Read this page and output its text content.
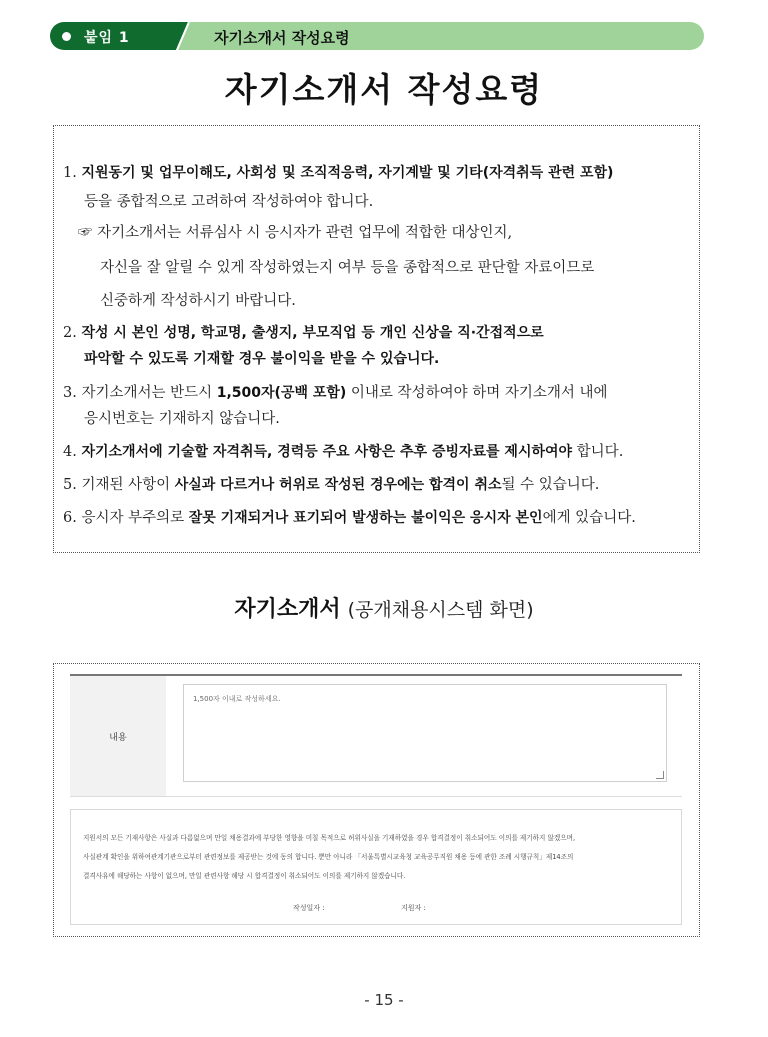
붙임 1	자기소개서 작성요령
자기소개서 작성요령
1. 지원동기 및 업무이해도, 사회성 및 조직적응력, 자기계발 및 기타(자격취득 관련 포함)
등을 종합적으로 고려하여 작성하여야 합니다.
☞ 자기소개서는 서류심사 시 응시자가 관련 업무에 적합한 대상인지,
자신을 잘 알릴 수 있게 작성하였는지 여부 등을 종합적으로 판단할 자료이므로
신중하게 작성하시기 바랍니다.
2. 작성 시 본인 성명, 학교명, 출생지, 부모직업 등 개인 신상을 직·간접적으로
파악할 수 있도록 기재할 경우 불이익을 받을 수 있습니다.
3. 자기소개서는 반드시 1,500자(공백 포함) 이내로 작성하여야 하며 자기소개서 내에
응시번호는 기재하지 않습니다.
4. 자기소개서에 기술할 자격취득, 경력등 주요 사항은 추후 증빙자료를 제시하여야 합니다.
5. 기재된 사항이 사실과 다르거나 허위로 작성된 경우에는 합격이 취소될 수 있습니다.
6. 응시자 부주의로 잘못 기재되거나 표기되어 발생하는 불이익은 응시자 본인에게 있습니다.
자기소개서 (공개채용시스템 화면)
내용
1,500자 이내로 작성하세요.
지원서의 모든 기재사항은 사실과 다름없으며 만일 채용결과에 부당한 영향을 미칠 목적으로 허위사실을 기재하였을 경우 합격결정이 취소되어도 이의를 제기하지 않겠으며,
사실관계 확인을 위하여관계기관으로부터 관련정보를 제공받는 것에 동의 합니다. 뿐만 아니라 「서울특별시교육청 교육공무직원 채용 등에 관한 조례 시행규칙」제14조의
결격사유에 해당하는 사항이 없으며, 만일 관련사항 해당 시 합격결정이 취소되어도 이의를 제기하지 않겠습니다.
작성일자 :	지원자 :
- 15 -
